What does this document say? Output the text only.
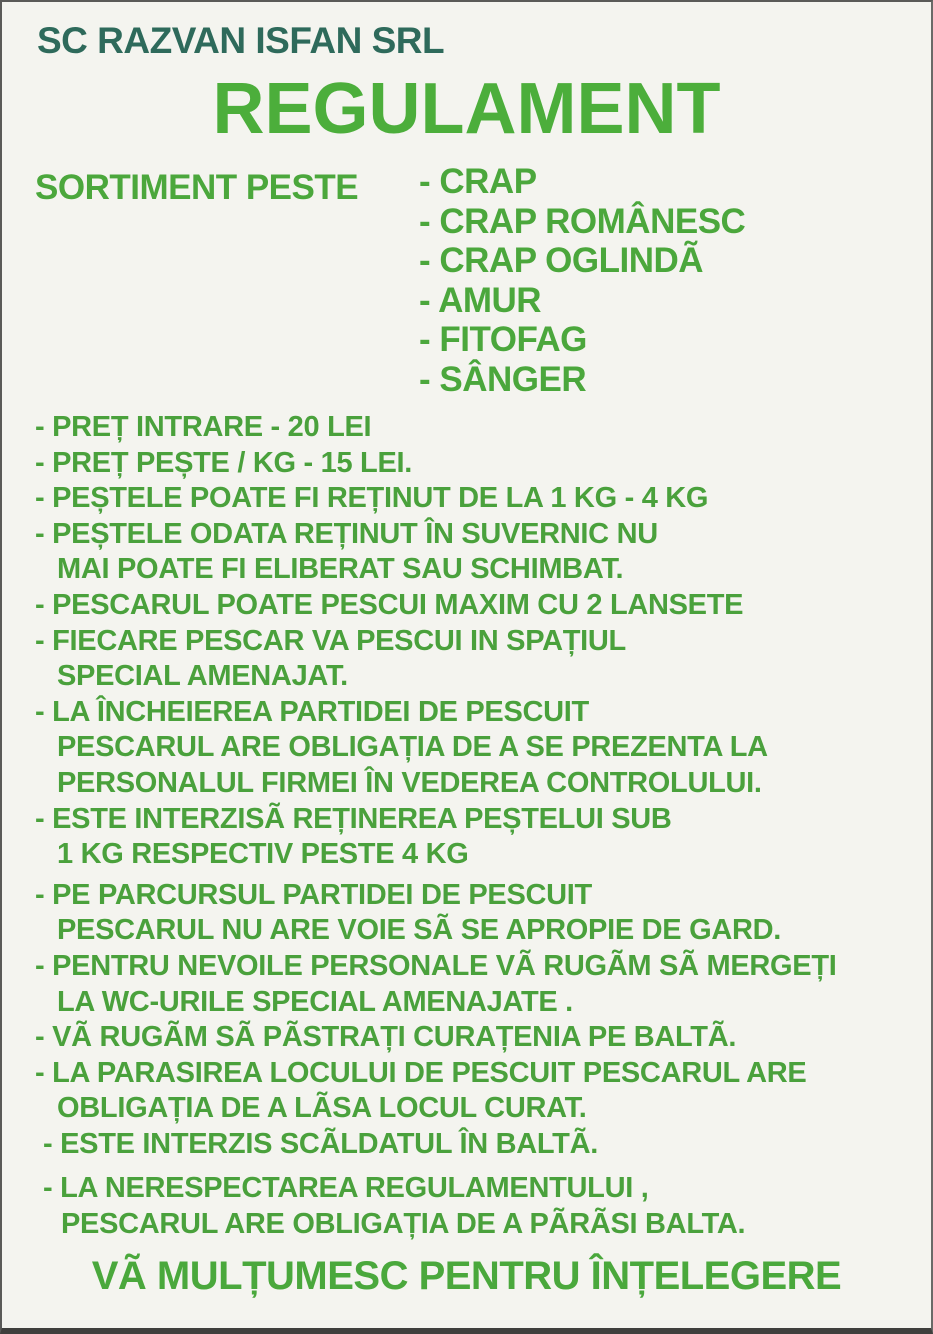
SC RAZVAN ISFAN SRL
REGULAMENT
SORTIMENT PESTE - CRAP
- CRAP ROMÂNESC
- CRAP OGLINDÃ
- AMUR
- FITOFAG
- SÂNGER
- PREȚ INTRARE - 20 LEI
- PREȚ PEȘTE / KG - 15 LEI.
- PEȘTELE POATE FI REȚINUT DE LA 1 KG - 4 KG
- PEȘTELE ODATA REȚINUT ÎN SUVERNIC NU
MAI POATE FI ELIBERAT SAU SCHIMBAT.
- PESCARUL POATE PESCUI MAXIM CU 2 LANSETE
- FIECARE PESCAR VA PESCUI IN SPAȚIUL
SPECIAL AMENAJAT.
- LA ÎNCHEIEREA PARTIDEI DE PESCUIT
PESCARUL ARE OBLIGAȚIA DE A SE PREZENTA LA
PERSONALUL FIRMEI ÎN VEDEREA CONTROLULUI.
- ESTE INTERZISÃ REȚINEREA PEȘTELUI SUB
1 KG RESPECTIV PESTE 4 KG
- PE PARCURSUL PARTIDEI DE PESCUIT
PESCARUL NU ARE VOIE SÃ SE APROPIE DE GARD.
- PENTRU NEVOILE PERSONALE VÃ RUGÃM SÃ MERGEȚI
LA WC-URILE SPECIAL AMENAJATE .
- VÃ RUGÃM SÃ PÃSTRAȚI CURAȚENIA PE BALTÃ.
- LA PARASIREA LOCULUI DE PESCUIT PESCARUL ARE
OBLIGAȚIA DE A LÃSA LOCUL CURAT.
- ESTE INTERZIS SCÃLDATUL ÎN BALTÃ.
- LA NERESPECTAREA REGULAMENTULUI ,
PESCARUL ARE OBLIGAȚIA DE A PÃRÃSI BALTA.
VÃ MULȚUMESC PENTRU ÎNȚELEGERE
